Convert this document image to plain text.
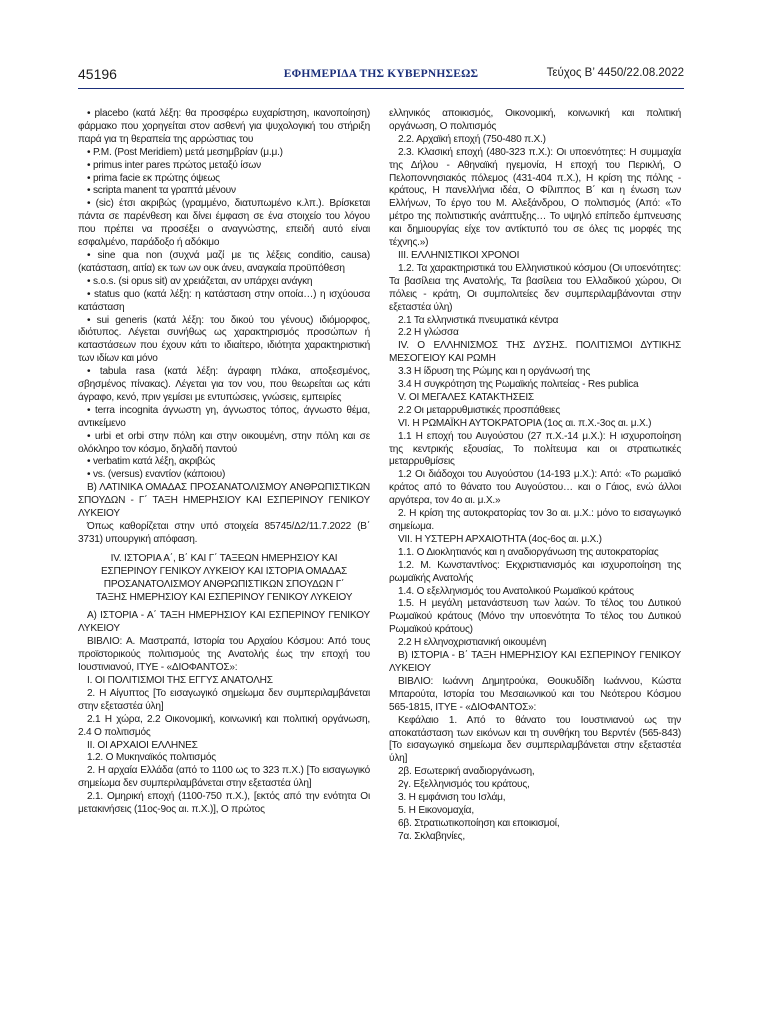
45196	ΕΦΗΜΕΡΙΔΑ ΤΗΣ ΚΥΒΕΡΝΗΣΕΩΣ	Τεύχος B’ 4450/22.08.2022

• placebo (κατά λέξη: θα προσφέρω ευχαρίστηση, ικανοποίηση) φάρμακο που χορηγείται στον ασθενή για ψυχολογική του στήριξη παρά για τη θεραπεία της αρρώστιας του

• P.M. (Post Meridiem) μετά μεσημβρίαν (μ.μ.)

• primus inter pares πρώτος μεταξύ ίσων

• prima facie εκ πρώτης όψεως

• scripta manent τα γραπτά μένουν

• (sic) έτσι ακριβώς (γραμμένο, διατυπωμένο κ.λπ.). Βρίσκεται πάντα σε παρένθεση και δίνει έμφαση σε ένα στοιχείο του λόγου που πρέπει να προσέξει ο αναγνώστης, επειδή αυτό είναι εσφαλμένο, παράδοξο ή αδόκιμο

• sine qua non (συχνά μαζί με τις λέξεις conditio, causa) (κατάσταση, αιτία) εκ των ων ουκ άνευ, αναγκαία προϋπόθεση

• s.o.s. (si opus sit) αν χρειάζεται, αν υπάρχει ανάγκη

• status quo (κατά λέξη: η κατάσταση στην οποία…) η ισχύουσα κατάσταση

• sui generis (κατά λέξη: του δικού του γένους) ιδιόμορφος, ιδιότυπος. Λέγεται συνήθως ως χαρακτηρισμός προσώπων ή καταστάσεων που έχουν κάτι το ιδιαίτερο, ιδιότητα χαρακτηριστική των ιδίων και μόνο

• tabula rasa (κατά λέξη: άγραφη πλάκα, αποξεσμένος, σβησμένος πίνακας). Λέγεται για τον νου, που θεωρείται ως κάτι άγραφο, κενό, πριν γεμίσει με εντυπώσεις, γνώσεις, εμπειρίες

• terra incognita άγνωστη γη, άγνωστος τόπος, άγνωστο θέμα, αντικείμενο

• urbi et orbi στην πόλη και στην οικουμένη, στην πόλη και σε ολόκληρο τον κόσμο, δηλαδή παντού

• verbatim κατά λέξη, ακριβώς

• vs. (versus) εναντίον (κάποιου)

Β) ΛΑΤΙΝΙΚΑ ΟΜΑΔΑΣ ΠΡΟΣΑΝΑΤΟΛΙΣΜΟΥ ΑΝΘΡΩΠΙΣΤΙΚΩΝ ΣΠΟΥΔΩΝ - Γ΄ ΤΑΞΗ ΗΜΕΡΗΣΙΟΥ ΚΑΙ ΕΣΠΕΡΙΝΟΥ ΓΕΝΙΚΟΥ ΛΥΚΕΙΟΥ

Όπως καθορίζεται στην υπό στοιχεία 85745/Δ2/11.7.2022 (Β΄ 3731) υπουργική απόφαση.

IV. ΙΣΤΟΡΙΑ Α΄, Β΄ ΚΑΙ Γ΄ ΤΑΞΕΩΝ ΗΜΕΡΗΣΙΟΥ ΚΑΙ ΕΣΠΕΡΙΝΟΥ ΓΕΝΙΚΟΥ ΛΥΚΕΙΟΥ ΚΑΙ ΙΣΤΟΡΙΑ ΟΜΑΔΑΣ ΠΡΟΣΑΝΑΤΟΛΙΣΜΟΥ ΑΝΘΡΩΠΙΣΤΙΚΩΝ ΣΠΟΥΔΩΝ Γ΄ ΤΑΞΗΣ ΗΜΕΡΗΣΙΟΥ ΚΑΙ ΕΣΠΕΡΙΝΟΥ ΓΕΝΙΚΟΥ ΛΥΚΕΙΟΥ

Α) ΙΣΤΟΡΙΑ - Α΄ ΤΑΞΗ ΗΜΕΡΗΣΙΟΥ ΚΑΙ ΕΣΠΕΡΙΝΟΥ ΓΕΝΙΚΟΥ ΛΥΚΕΙΟΥ

ΒΙΒΛΙΟ: Α. Μαστραπά, Ιστορία του Αρχαίου Κόσμου: Από τους προϊστορικούς πολιτισμούς της Ανατολής έως την εποχή του Ιουστινιανού, ΙΤΥΕ - «ΔΙΟΦΑΝΤΟΣ»:

I. ΟΙ ΠΟΛΙΤΙΣΜΟΙ ΤΗΣ ΕΓΓΥΣ ΑΝΑΤΟΛΗΣ

2. Η Αίγυπτος [Το εισαγωγικό σημείωμα δεν συμπεριλαμβάνεται στην εξεταστέα ύλη]

2.1 Η χώρα, 2.2 Οικονομική, κοινωνική και πολιτική οργάνωση, 2.4 Ο πολιτισμός

II. ΟΙ ΑΡΧΑΙΟΙ ΕΛΛΗΝΕΣ

1.2. Ο Μυκηναϊκός πολιτισμός

2. Η αρχαία Ελλάδα (από το 1100 ως το 323 π.Χ.) [Το εισαγωγικό σημείωμα δεν συμπεριλαμβάνεται στην εξεταστέα ύλη]

2.1. Ομηρική εποχή (1100-750 π.Χ.), [εκτός από την ενότητα Οι μετακινήσεις (11ος-9ος αι. π.Χ.)], Ο πρώτος

ελληνικός αποικισμός, Οικονομική, κοινωνική και πολιτική οργάνωση, Ο πολιτισμός

2.2. Αρχαϊκή εποχή (750-480 π.Χ.)

2.3. Κλασική εποχή (480-323 π.Χ.): Οι υποενότητες: Η συμμαχία της Δήλου - Αθηναϊκή ηγεμονία, Η εποχή του Περικλή, Ο Πελοποννησιακός πόλεμος (431-404 π.Χ.), Η κρίση της πόλης - κράτους, Η πανελλήνια ιδέα, Ο Φίλιππος Β΄ και η ένωση των Ελλήνων, Το έργο του Μ. Αλεξάνδρου, Ο πολιτισμός (Από: «Το μέτρο της πολιτιστικής ανάπτυξης… Το υψηλό επίπεδο έμπνευσης και δημιουργίας είχε τον αντίκτυπό του σε όλες τις μορφές της τέχνης.»)

III. ΕΛΛΗΝΙΣΤΙΚΟΙ ΧΡΟΝΟΙ

1.2. Τα χαρακτηριστικά του Ελληνιστικού κόσμου (Οι υποενότητες: Τα βασίλεια της Ανατολής, Τα βασίλεια του Ελλαδικού χώρου, Οι πόλεις - κράτη, Οι συμπολιτείες δεν συμπεριλαμβάνονται στην εξεταστέα ύλη)

2.1 Τα ελληνιστικά πνευματικά κέντρα

2.2 Η γλώσσα

IV. Ο ΕΛΛΗΝΙΣΜΟΣ ΤΗΣ ΔΥΣΗΣ. ΠΟΛΙΤΙΣΜΟΙ ΔΥΤΙΚΗΣ ΜΕΣΟΓΕΙΟΥ ΚΑΙ ΡΩΜΗ

3.3 Η ίδρυση της Ρώμης και η οργάνωσή της

3.4 Η συγκρότηση της Ρωμαϊκής πολιτείας - Res publica

V. ΟΙ ΜΕΓΑΛΕΣ ΚΑΤΑΚΤΗΣΕΙΣ

2.2 Οι μεταρρυθμιστικές προσπάθειες

VI. Η ΡΩΜΑΪΚΗ ΑΥΤΟΚΡΑΤΟΡΙΑ (1ος αι. π.Χ.-3ος αι. μ.Χ.)

1.1 Η εποχή του Αυγούστου (27 π.Χ.-14 μ.Χ.): Η ισχυροποίηση της κεντρικής εξουσίας, Το πολίτευμα και οι στρατιωτικές μεταρρυθμίσεις

1.2 Οι διάδοχοι του Αυγούστου (14-193 μ.Χ.): Από: «Το ρωμαϊκό κράτος από το θάνατο του Αυγούστου… και ο Γάιος, ενώ άλλοι αργότερα, τον 4ο αι. μ.Χ.»

2. Η κρίση της αυτοκρατορίας τον 3ο αι. μ.Χ.: μόνο το εισαγωγικό σημείωμα.

VII. Η ΥΣΤΕΡΗ ΑΡΧΑΙΟΤΗΤΑ (4ος-6ος αι. μ.Χ.)

1.1. Ο Διοκλητιανός και η αναδιοργάνωση της αυτοκρατορίας

1.2. Μ. Κωνσταντίνος: Εκχριστιανισμός και ισχυροποίηση της ρωμαϊκής Ανατολής

1.4. Ο εξελληνισμός του Ανατολικού Ρωμαϊκού κράτους

1.5. Η μεγάλη μετανάστευση των λαών. Το τέλος του Δυτικού Ρωμαϊκού κράτους (Μόνο την υποενότητα Το τέλος του Δυτικού Ρωμαϊκού κράτους)

2.2 Η ελληνοχριστιανική οικουμένη

Β) ΙΣΤΟΡΙΑ - Β΄ ΤΑΞΗ ΗΜΕΡΗΣΙΟΥ ΚΑΙ ΕΣΠΕΡΙΝΟΥ ΓΕΝΙΚΟΥ ΛΥΚΕΙΟΥ

ΒΙΒΛΙΟ: Ιωάννη Δημητρούκα, Θουκυδίδη Ιωάννου, Κώστα Μπαρούτα, Ιστορία του Μεσαιωνικού και του Νεότερου Κόσμου 565-1815, ΙΤΥΕ - «ΔΙΟΦΑΝΤΟΣ»:

Κεφάλαιο 1. Από το θάνατο του Ιουστινιανού ως την αποκατάσταση των εικόνων και τη συνθήκη του Βερντέν (565-843) [Το εισαγωγικό σημείωμα δεν συμπεριλαμβάνεται στην εξεταστέα ύλη]

2β. Εσωτερική αναδιοργάνωση,

2γ. Εξελληνισμός του κράτους,

3. Η εμφάνιση του Ισλάμ,

5. Η Εικονομαχία,

6β. Στρατιωτικοποίηση και εποικισμοί,

7α. Σκλαβηνίες,
